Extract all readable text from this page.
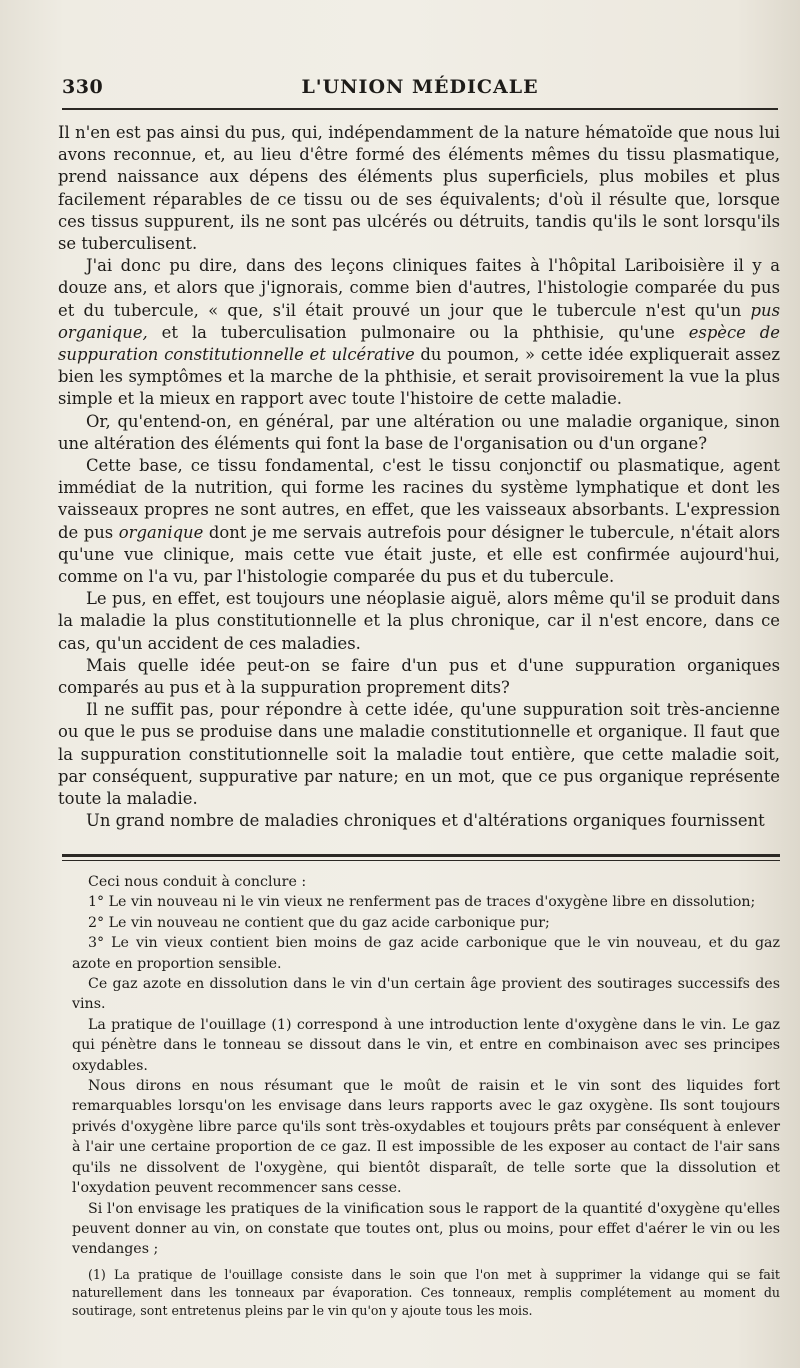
330	L'UNION MÉDICALE

Il n'en est pas ainsi du pus, qui, indépendamment de la nature hématoïde que nous lui avons reconnue, et, au lieu d'être formé des éléments mêmes du tissu plasmatique, prend naissance aux dépens des éléments plus superficiels, plus mobiles et plus facilement réparables de ce tissu ou de ses équivalents; d'où il résulte que, lorsque ces tissus suppurent, ils ne sont pas ulcérés ou détruits, tandis qu'ils le sont lorsqu'ils se tuberculisent.

J'ai donc pu dire, dans des leçons cliniques faites à l'hôpital Lariboisière il y a douze ans, et alors que j'ignorais, comme bien d'autres, l'histologie comparée du pus et du tubercule, « que, s'il était prouvé un jour que le tubercule n'est qu'un pus organique, et la tuberculisation pulmonaire ou la phthisie, qu'une espèce de suppuration constitutionnelle et ulcérative du poumon, » cette idée expliquerait assez bien les symptômes et la marche de la phthisie, et serait provisoirement la vue la plus simple et la mieux en rapport avec toute l'histoire de cette maladie.

Or, qu'entend-on, en général, par une altération ou une maladie organique, sinon une altération des éléments qui font la base de l'organisation ou d'un organe?

Cette base, ce tissu fondamental, c'est le tissu conjonctif ou plasmatique, agent immédiat de la nutrition, qui forme les racines du système lymphatique et dont les vaisseaux propres ne sont autres, en effet, que les vaisseaux absorbants. L'expression de pus organique dont je me servais autrefois pour désigner le tubercule, n'était alors qu'une vue clinique, mais cette vue était juste, et elle est confirmée aujourd'hui, comme on l'a vu, par l'histologie comparée du pus et du tubercule.

Le pus, en effet, est toujours une néoplasie aiguë, alors même qu'il se produit dans la maladie la plus constitutionnelle et la plus chronique, car il n'est encore, dans ce cas, qu'un accident de ces maladies.

Mais quelle idée peut-on se faire d'un pus et d'une suppuration organiques comparés au pus et à la suppuration proprement dits?

Il ne suffit pas, pour répondre à cette idée, qu'une suppuration soit très-ancienne ou que le pus se produise dans une maladie constitutionnelle et organique. Il faut que la suppuration constitutionnelle soit la maladie tout entière, que cette maladie soit, par conséquent, suppurative par nature; en un mot, que ce pus organique représente toute la maladie.

Un grand nombre de maladies chroniques et d'altérations organiques fournissent

Ceci nous conduit à conclure :

1° Le vin nouveau ni le vin vieux ne renferment pas de traces d'oxygène libre en dissolution;

2° Le vin nouveau ne contient que du gaz acide carbonique pur;

3° Le vin vieux contient bien moins de gaz acide carbonique que le vin nouveau, et du gaz azote en proportion sensible.

Ce gaz azote en dissolution dans le vin d'un certain âge provient des soutirages successifs des vins.

La pratique de l'ouillage (1) correspond à une introduction lente d'oxygène dans le vin. Le gaz qui pénètre dans le tonneau se dissout dans le vin, et entre en combinaison avec ses principes oxydables.

Nous dirons en nous résumant que le moût de raisin et le vin sont des liquides fort remarquables lorsqu'on les envisage dans leurs rapports avec le gaz oxygène. Ils sont toujours privés d'oxygène libre parce qu'ils sont très-oxydables et toujours prêts par conséquent à enlever à l'air une certaine proportion de ce gaz. Il est impossible de les exposer au contact de l'air sans qu'ils ne dissolvent de l'oxygène, qui bientôt disparaît, de telle sorte que la dissolution et l'oxydation peuvent recommencer sans cesse.

Si l'on envisage les pratiques de la vinification sous le rapport de la quantité d'oxygène qu'elles peuvent donner au vin, on constate que toutes ont, plus ou moins, pour effet d'aérer le vin ou les vendanges ;

(1) La pratique de l'ouillage consiste dans le soin que l'on met à supprimer la vidange qui se fait naturellement dans les tonneaux par évaporation. Ces tonneaux, remplis complétement au moment du soutirage, sont entretenus pleins par le vin qu'on y ajoute tous les mois.
